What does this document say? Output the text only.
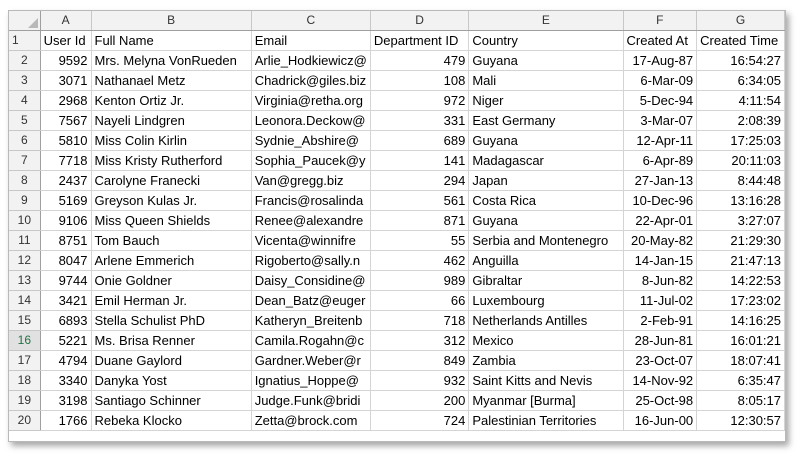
	A	B	C	D	E	F	G
1	User Id	Full Name	Email	Department ID	Country	Created At	Created Time
2	9592	Mrs. Melyna VonRueden	Arlie_Hodkiewicz@	479	Guyana	17-Aug-87	16:54:27
3	3071	Nathanael Metz	Chadrick@giles.biz	108	Mali	6-Mar-09	6:34:05
4	2968	Kenton Ortiz Jr.	Virginia@retha.org	972	Niger	5-Dec-94	4:11:54
5	7567	Nayeli Lindgren	Leonora.Deckow@	331	East Germany	3-Mar-07	2:08:39
6	5810	Miss Colin Kirlin	Sydnie_Abshire@	689	Guyana	12-Apr-11	17:25:03
7	7718	Miss Kristy Rutherford	Sophia_Paucek@y	141	Madagascar	6-Apr-89	20:11:03
8	2437	Carolyne Franecki	Van@gregg.biz	294	Japan	27-Jan-13	8:44:48
9	5169	Greyson Kulas Jr.	Francis@rosalinda	561	Costa Rica	10-Dec-96	13:16:28
10	9106	Miss Queen Shields	Renee@alexandre	871	Guyana	22-Apr-01	3:27:07
11	8751	Tom Bauch	Vicenta@winnifre	55	Serbia and Montenegro	20-May-82	21:29:30
12	8047	Arlene Emmerich	Rigoberto@sally.n	462	Anguilla	14-Jan-15	21:47:13
13	9744	Onie Goldner	Daisy_Considine@	989	Gibraltar	8-Jun-82	14:22:53
14	3421	Emil Herman Jr.	Dean_Batz@euger	66	Luxembourg	11-Jul-02	17:23:02
15	6893	Stella Schulist PhD	Katheryn_Breitenb	718	Netherlands Antilles	2-Feb-91	14:16:25
16	5221	Ms. Brisa Renner	Camila.Rogahn@c	312	Mexico	28-Jun-81	16:01:21
17	4794	Duane Gaylord	Gardner.Weber@r	849	Zambia	23-Oct-07	18:07:41
18	3340	Danyka Yost	Ignatius_Hoppe@	932	Saint Kitts and Nevis	14-Nov-92	6:35:47
19	3198	Santiago Schinner	Judge.Funk@bridi	200	Myanmar [Burma]	25-Oct-98	8:05:17
20	1766	Rebeka Klocko	Zetta@brock.com	724	Palestinian Territories	16-Jun-00	12:30:57
